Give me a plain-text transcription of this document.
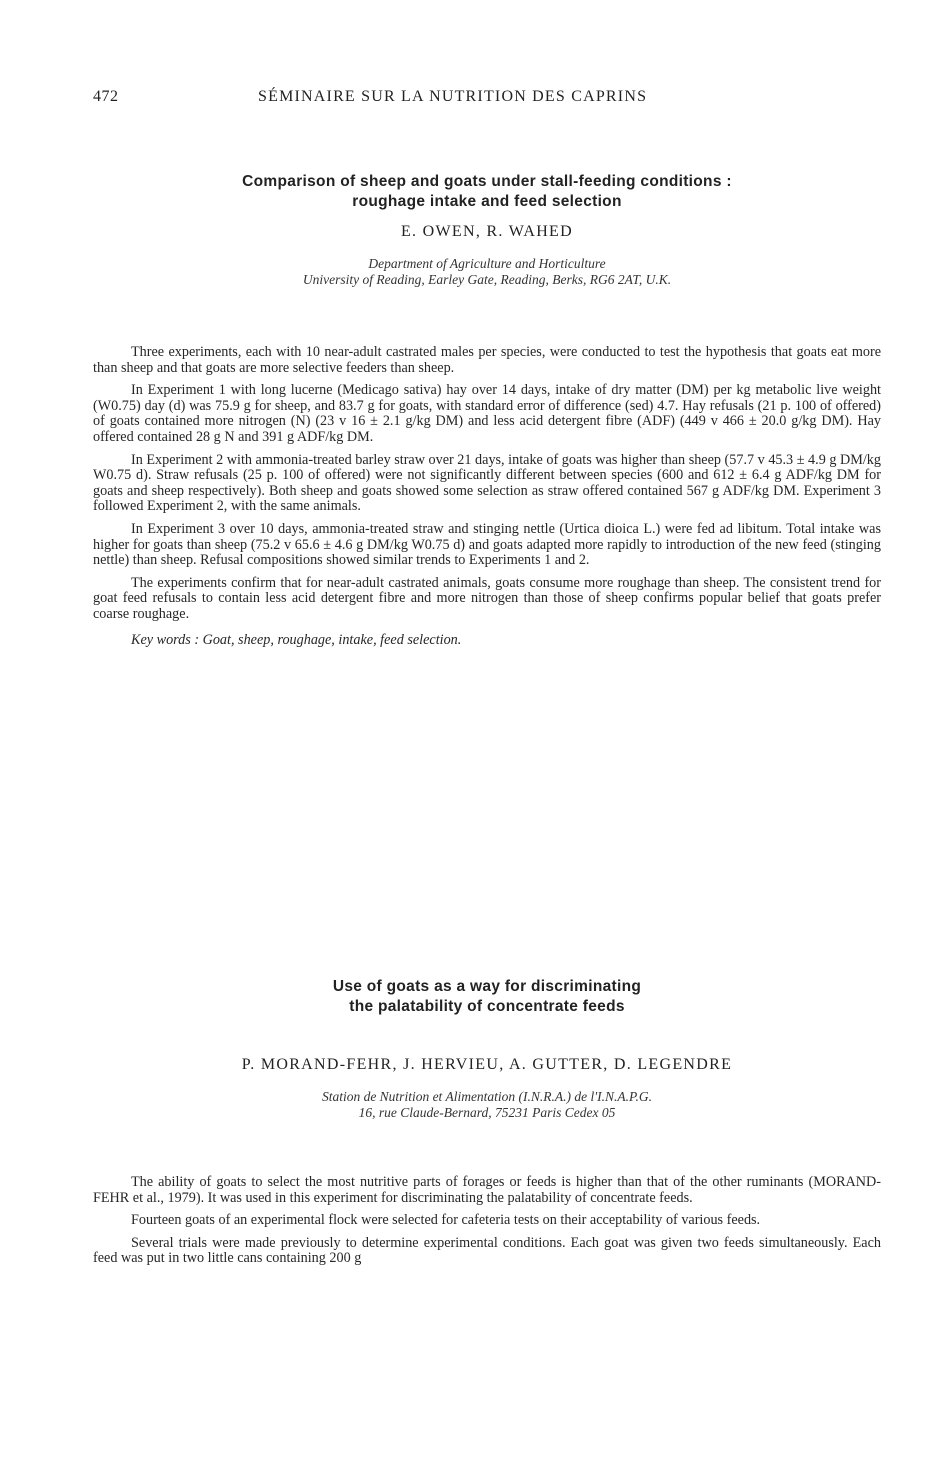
472	SÉMINAIRE SUR LA NUTRITION DES CAPRINS
Comparison of sheep and goats under stall-feeding conditions :
roughage intake and feed selection
E. OWEN, R. WAHED
Department of Agriculture and Horticulture
University of Reading, Earley Gate, Reading, Berks, RG6 2AT, U.K.

Three experiments, each with 10 near-adult castrated males per species, were conducted to test the hypothesis that goats eat more than sheep and that goats are more selective feeders than sheep.

In Experiment 1 with long lucerne (Medicago sativa) hay over 14 days, intake of dry matter (DM) per kg metabolic live weight (W0.75) day (d) was 75.9 g for sheep, and 83.7 g for goats, with standard error of difference (sed) 4.7. Hay refusals (21 p. 100 of offered) of goats contained more nitrogen (N) (23 v 16 ± 2.1 g/kg DM) and less acid detergent fibre (ADF) (449 v 466 ± 20.0 g/kg DM). Hay offered contained 28 g N and 391 g ADF/kg DM.

In Experiment 2 with ammonia-treated barley straw over 21 days, intake of goats was higher than sheep (57.7 v 45.3 ± 4.9 g DM/kg W0.75 d). Straw refusals (25 p. 100 of offered) were not significantly different between species (600 and 612 ± 6.4 g ADF/kg DM for goats and sheep respectively). Both sheep and goats showed some selection as straw offered contained 567 g ADF/kg DM. Experiment 3 followed Experiment 2, with the same animals.

In Experiment 3 over 10 days, ammonia-treated straw and stinging nettle (Urtica dioica L.) were fed ad libitum. Total intake was higher for goats than sheep (75.2 v 65.6 ± 4.6 g DM/kg W0.75 d) and goats adapted more rapidly to introduction of the new feed (stinging nettle) than sheep. Refusal compositions showed similar trends to Experiments 1 and 2.

The experiments confirm that for near-adult castrated animals, goats consume more roughage than sheep. The consistent trend for goat feed refusals to contain less acid detergent fibre and more nitrogen than those of sheep confirms popular belief that goats prefer coarse roughage.

Key words : Goat, sheep, roughage, intake, feed selection.

Use of goats as a way for discriminating
the palatability of concentrate feeds
P. MORAND-FEHR, J. HERVIEU, A. GUTTER, D. LEGENDRE
Station de Nutrition et Alimentation (I.N.R.A.) de l'I.N.A.P.G.
16, rue Claude-Bernard, 75231 Paris Cedex 05

The ability of goats to select the most nutritive parts of forages or feeds is higher than that of the other ruminants (MORAND-FEHR et al., 1979). It was used in this experiment for discriminating the palatability of concentrate feeds.

Fourteen goats of an experimental flock were selected for cafeteria tests on their acceptability of various feeds.

Several trials were made previously to determine experimental conditions. Each goat was given two feeds simultaneously. Each feed was put in two little cans containing 200 g
